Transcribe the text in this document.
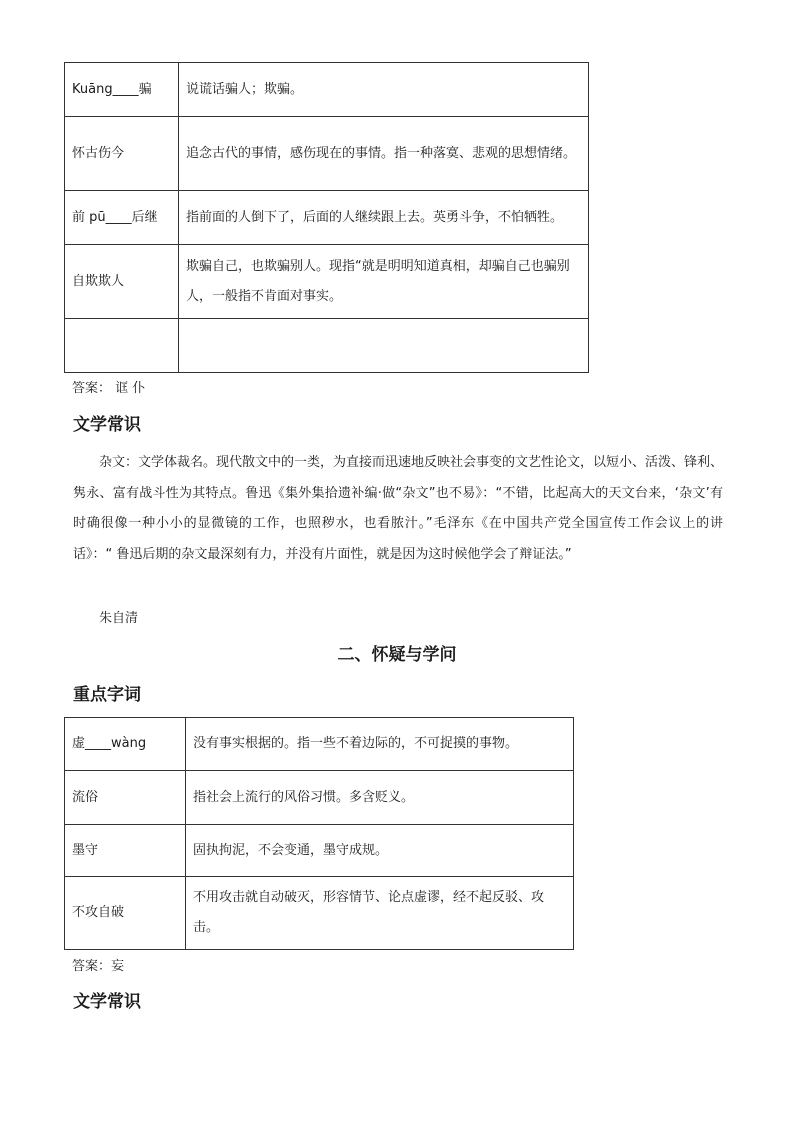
Kuāng____骗	说谎话骗人；欺骗。
怀古伤今	追念古代的事情，感伤现在的事情。指一种落寞、悲观的思想情绪。
前 pū____后继	指前面的人倒下了，后面的人继续跟上去。英勇斗争，不怕牺牲。
自欺欺人	欺骗自己，也欺骗别人。现指“就是明明知道真相，却骗自己也骗别人，一般指不肯面对事实。

答案： 诓 仆
文学常识

杂文：文学体裁名。现代散文中的一类，为直接而迅速地反映社会事变的文艺性论文，以短小、活泼、锋利、隽永、富有战斗性为其特点。鲁迅《集外集拾遗补编·做“杂文”也不易》：“不错，比起高大的天文台来，‘杂文’有时确很像一种小小的显微镜的工作，也照秽水，也看脓汁。”毛泽东《在中国共产党全国宣传工作会议上的讲话》：“ 鲁迅后期的杂文最深刻有力，并没有片面性，就是因为这时候他学会了辩证法。”

朱自清
二、怀疑与学问
重点字词
虚____wàng	没有事实根据的。指一些不着边际的，不可捉摸的事物。
流俗	指社会上流行的风俗习惯。多含贬义。
墨守	固执拘泥，不会变通，墨守成规。
不攻自破	不用攻击就自动破灭，形容情节、论点虚谬，经不起反驳、攻击。
答案：妄
文学常识
